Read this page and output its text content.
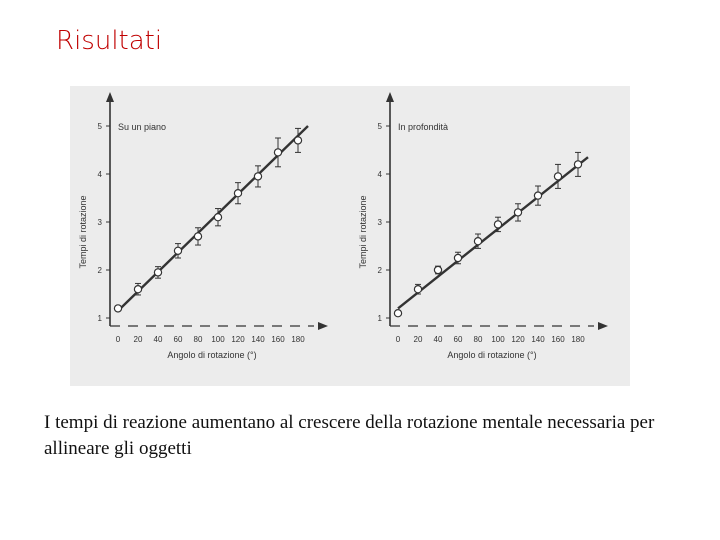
Risultati
1
2
3
4
5
0 20 40 60 80 100 120 140 160 180
Angolo di rotazione (°)
Tempi di rotazione
Su un piano
1
2
3
4
5
0 20 40 60 80 100 120 140 160 180
Angolo di rotazione (°)
Tempi di rotazione
In profondità
I tempi di reazione aumentano al crescere della rotazione mentale necessaria per allineare gli oggetti
